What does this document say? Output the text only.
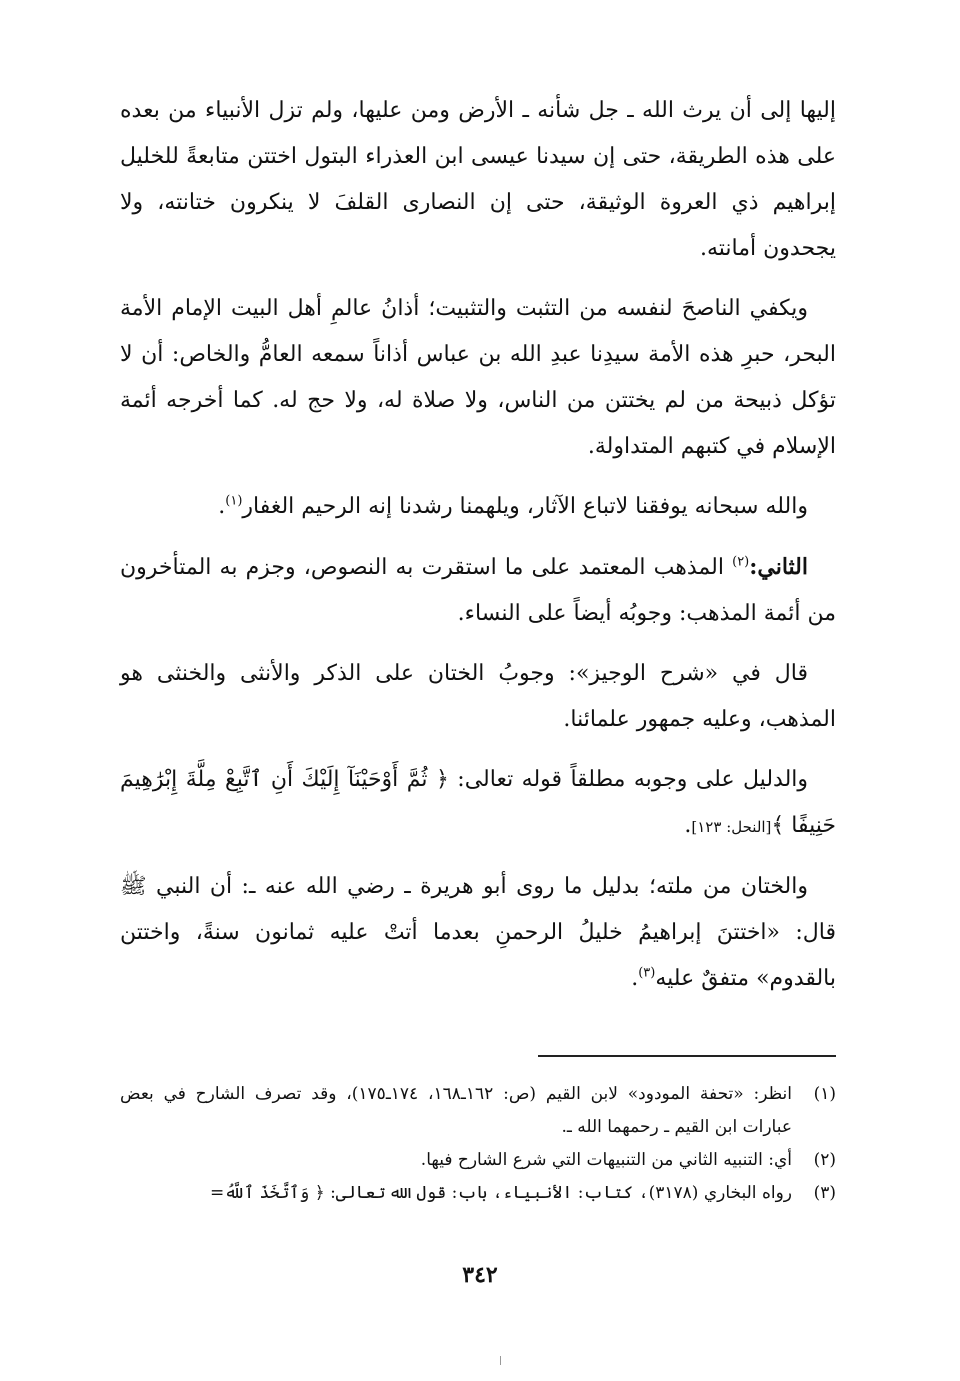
إليها إلى أن يرث الله ـ جل شأنه ـ الأرض ومن عليها، ولم تزل الأنبياء من بعده على هذه الطريقة، حتى إن سيدنا عيسى ابن العذراء البتول اختتن متابعةً للخليل إبراهيم ذي العروة الوثيقة، حتى إن النصارى القلفَ لا ينكرون ختانته، ولا يجحدون أمانته.

ويكفي الناصحَ لنفسه من التثبت والتثبيت؛ أذانُ عالمِ أهل البيت الإمام الأمة البحر، حبرِ هذه الأمة سيدِنا عبدِ الله بن عباس أذاناً سمعه العامُّ والخاص: أن لا تؤكل ذبيحة من لم يختتن من الناس، ولا صلاة له، ولا حج له. كما أخرجه أئمة الإسلام في كتبهم المتداولة.

والله سبحانه يوفقنا لاتباع الآثار، ويلهمنا رشدنا إنه الرحيم الغفار$^{(١)}$.

الثاني:$^{(٢)}$ المذهب المعتمد على ما استقرت به النصوص، وجزم به المتأخرون من أئمة المذهب: وجوبُه أيضاً على النساء.

قال في «شرح الوجيز»: وجوبُ الختان على الذكر والأنثى والخنثى هو المذهب، وعليه جمهور علمائنا.

والدليل على وجوبه مطلقاً قوله تعالى: ﴿ ثُمَّ أَوْحَيْنَآ إِلَيْكَ أَنِ ٱتَّبِعْ مِلَّةَ إِبْرَٰهِيمَ حَنِيفًا ﴾[النحل: ١٢٣].

والختان من ملته؛ بدليل ما روى أبو هريرة ـ رضي الله عنه ـ: أن النبي ﷺ قال: «اختتنَ إبراهيمُ خليلُ الرحمنِ بعدما أتتْ عليه ثمانون سنةً، واختتن بالقدوم» متفقٌ عليه$^{(٣)}$.

(١)
انظر: «تحفة المودود» لابن القيم (ص: ١٦٢ـ١٦٨، ١٧٤ـ١٧٥)، وقد تصرف الشارح في بعض عبارات ابن القيم ـ رحمهما الله ـ.

(٢)
أي: التنبيه الثاني من التنبيهات التي شرع الشارح فيها.

(٣)
رواه البخاري (٣١٧٨)، كتاب: الأنبياء، باب: قول الله تعالى: ﴿ وَٱتَّخَذَ ٱللَّهُ=

٣٤٢
